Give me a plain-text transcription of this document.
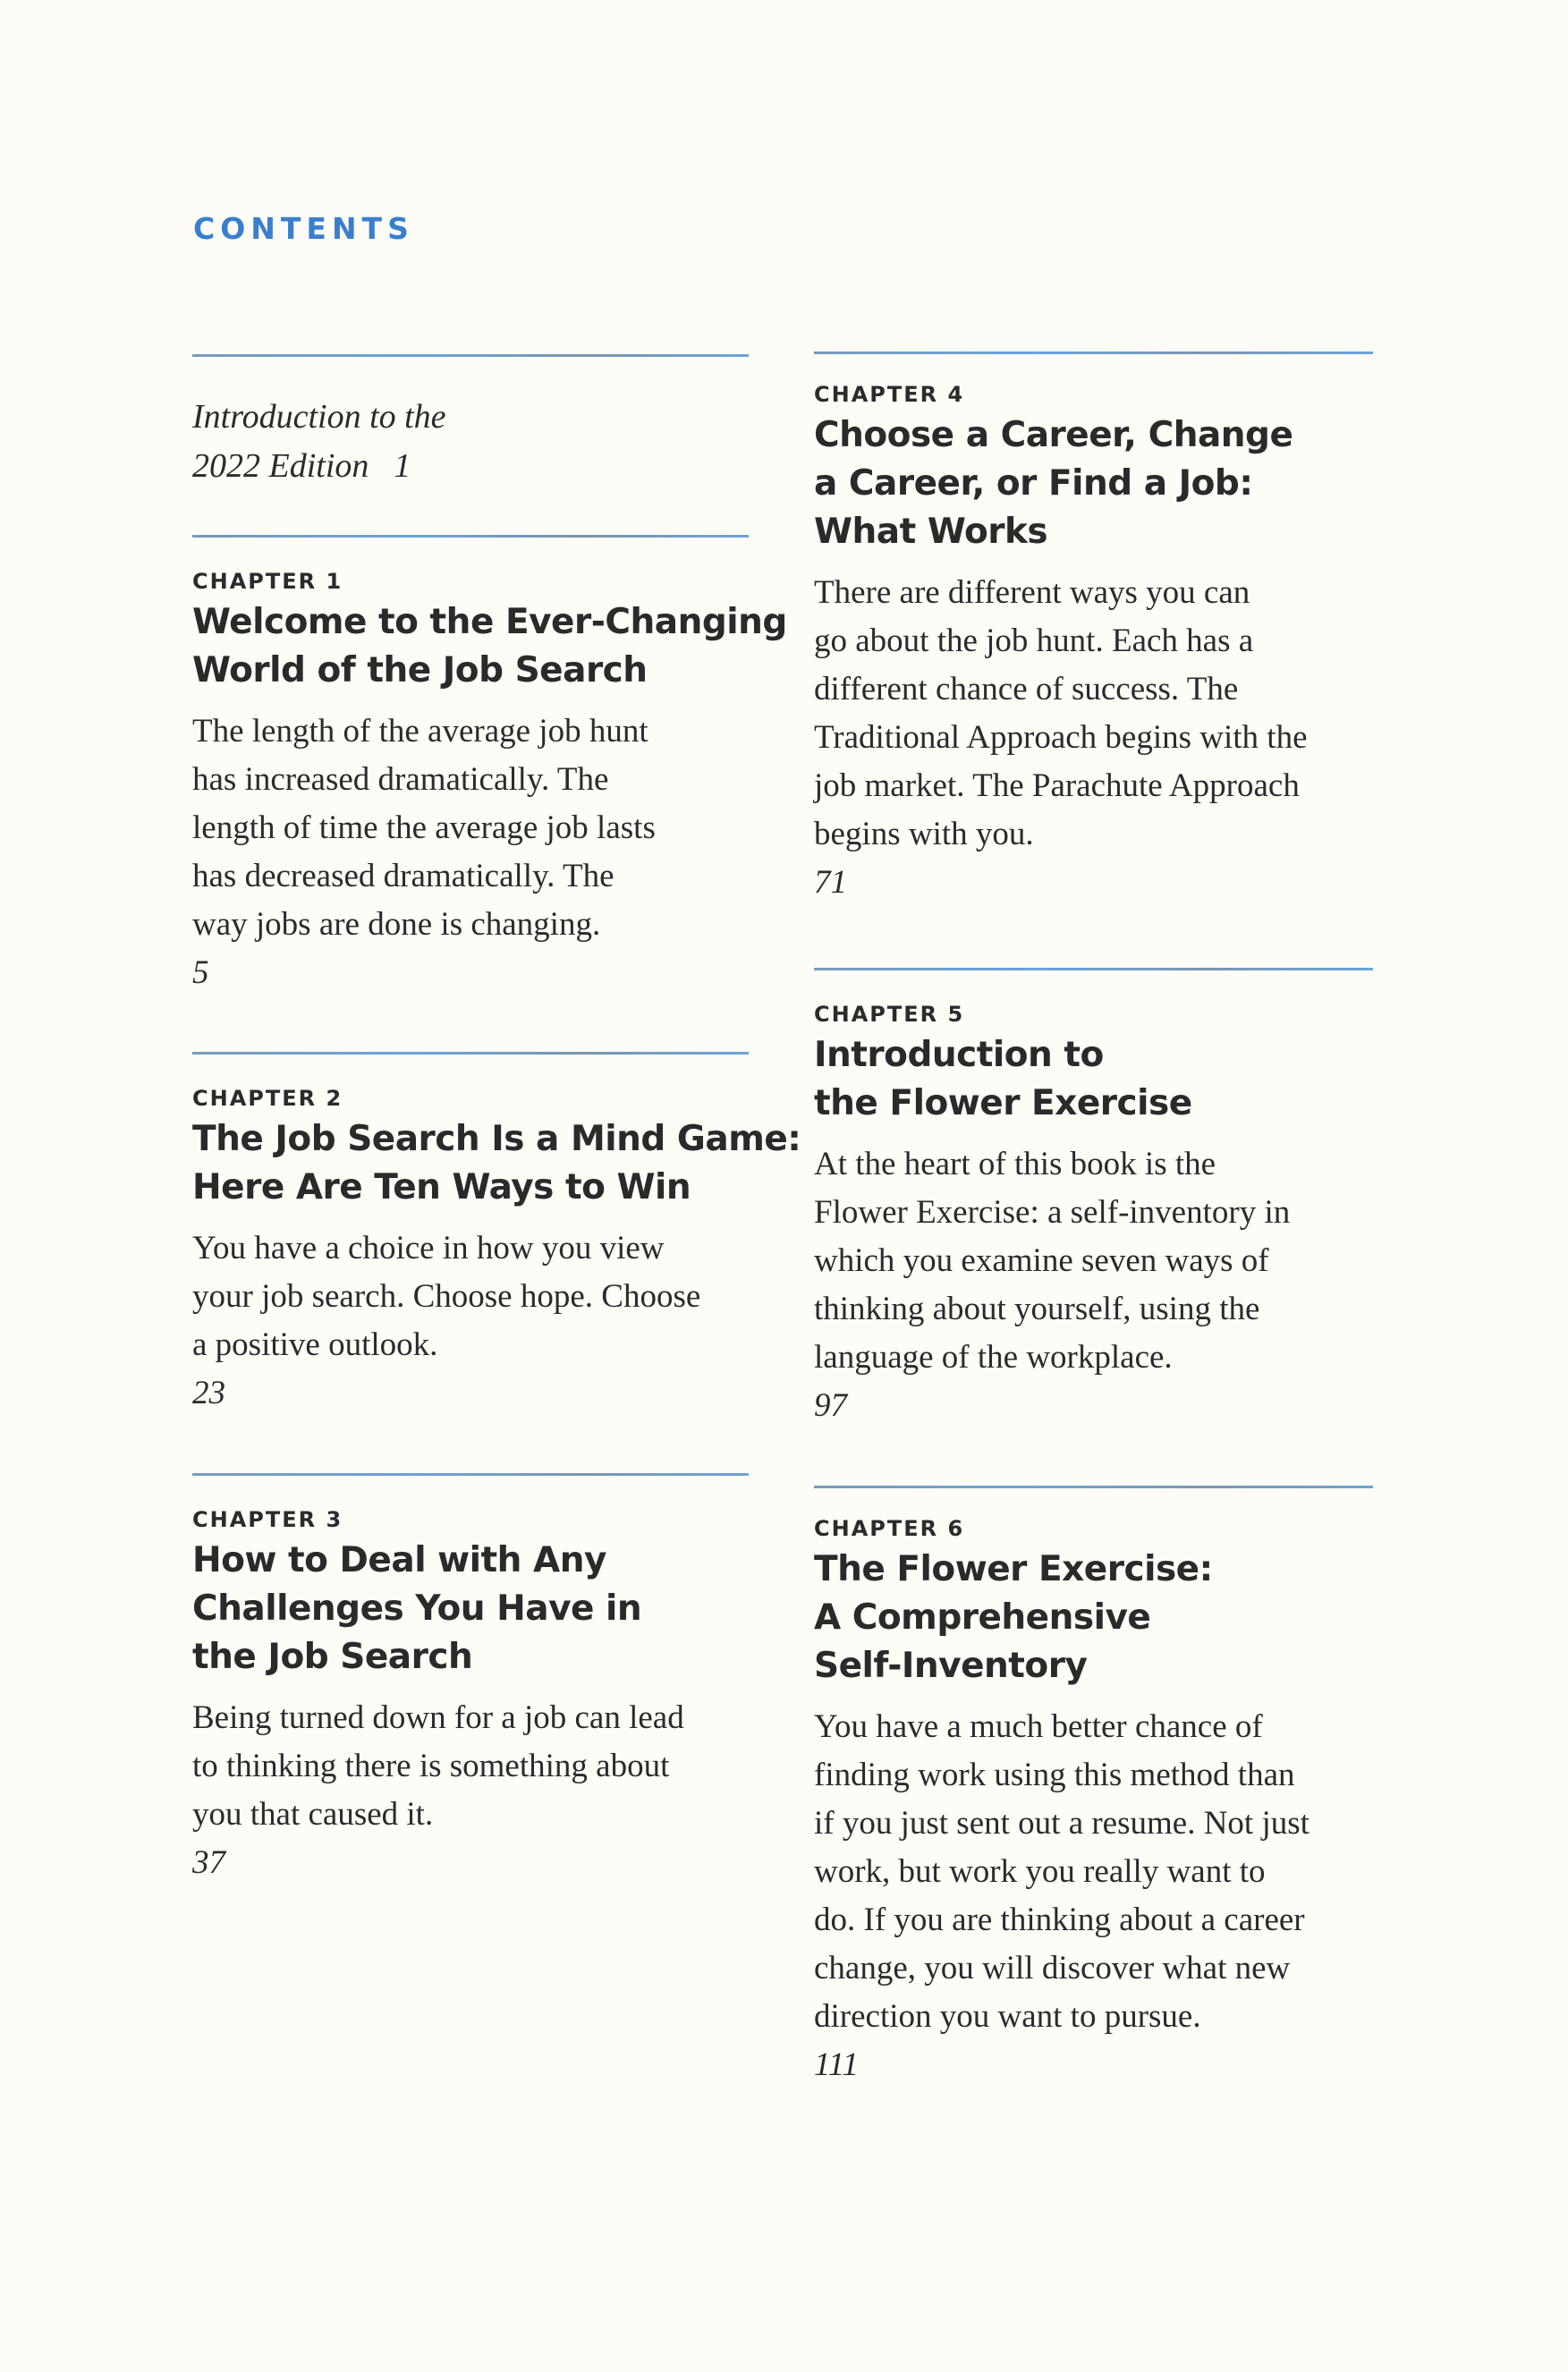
CONTENTS
Introduction to the
2022 Edition 1
CHAPTER 1
Welcome to the Ever-Changing
World of the Job Search
The length of the average job hunt
has increased dramatically. The
length of time the average job lasts
has decreased dramatically. The
way jobs are done is changing.
5
CHAPTER 2
The Job Search Is a Mind Game:
Here Are Ten Ways to Win
You have a choice in how you view
your job search. Choose hope. Choose
a positive outlook.
23
CHAPTER 3
How to Deal with Any
Challenges You Have in
the Job Search
Being turned down for a job can lead
to thinking there is something about
you that caused it.
37
CHAPTER 4
Choose a Career, Change
a Career, or Find a Job:
What Works
There are different ways you can
go about the job hunt. Each has a
different chance of success. The
Traditional Approach begins with the
job market. The Parachute Approach
begins with you.
71
CHAPTER 5
Introduction to
the Flower Exercise
At the heart of this book is the
Flower Exercise: a self-inventory in
which you examine seven ways of
thinking about yourself, using the
language of the workplace.
97
CHAPTER 6
The Flower Exercise:
A Comprehensive
Self-Inventory
You have a much better chance of
finding work using this method than
if you just sent out a resume. Not just
work, but work you really want to
do. If you are thinking about a career
change, you will discover what new
direction you want to pursue.
111
